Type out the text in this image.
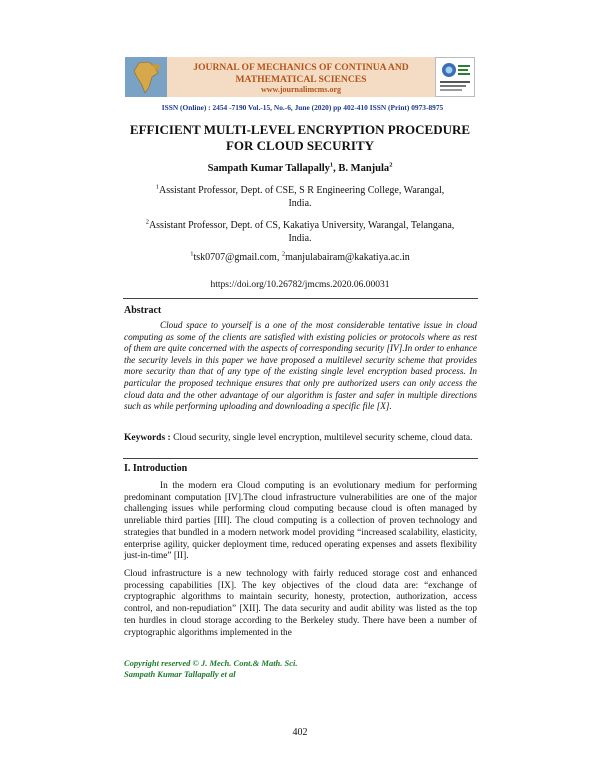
JOURNAL OF MECHANICS OF CONTINUA AND
MATHEMATICAL SCIENCES
www.journalimcms.org
ISSN (Online) : 2454 -7190 Vol.-15, No.-6, June (2020) pp 402-410 ISSN (Print) 0973-8975
EFFICIENT MULTI-LEVEL ENCRYPTION PROCEDURE
FOR CLOUD SECURITY
Sampath Kumar Tallapally$^1$, B. Manjula$^2$
$^1$Assistant Professor, Dept. of CSE, S R Engineering College, Warangal,
India.
$^2$Assistant Professor, Dept. of CS, Kakatiya University, Warangal, Telangana,
India.
$^1$tsk0707@gmail.com, $^2$manjulabairam@kakatiya.ac.in
https://doi.org/10.26782/jmcms.2020.06.00031
Abstract
Cloud space to yourself is a one of the most considerable tentative issue in cloud computing as some of the clients are satisfied with existing policies or protocols where as rest of them are quite concerned with the aspects of corresponding security [IV].In order to enhance the security levels in this paper we have proposed a multilevel security scheme that provides more security than that of any type of the existing single level encryption based process. In particular the proposed technique ensures that only pre authorized users can only access the cloud data and the other advantage of our algorithm is faster and safer in multiple directions such as while performing uploading and downloading a specific file [X].
Keywords : Cloud security, single level encryption, multilevel security scheme, cloud data.
I. Introduction
In the modern era Cloud computing is an evolutionary medium for performing predominant computation [IV].The cloud infrastructure vulnerabilities are one of the major challenging issues while performing cloud computing because cloud is often managed by unreliable third parties [III]. The cloud computing is a collection of proven technology and strategies that bundled in a modern network model providing “increased scalability, elasticity, enterprise agility, quicker deployment time, reduced operating expenses and assets flexibility just-in-time” [II].
Cloud infrastructure is a new technology with fairly reduced storage cost and enhanced processing capabilities [IX]. The key objectives of the cloud data are: “exchange of cryptographic algorithms to maintain security, honesty, protection, authorization, access control, and non-repudiation” [XII]. The data security and audit ability was listed as the top ten hurdles in cloud storage according to the Berkeley study. There have been a number of cryptographic algorithms implemented in the
Copyright reserved © J. Mech. Cont.& Math. Sci.
Sampath Kumar Tallapally et al
402
